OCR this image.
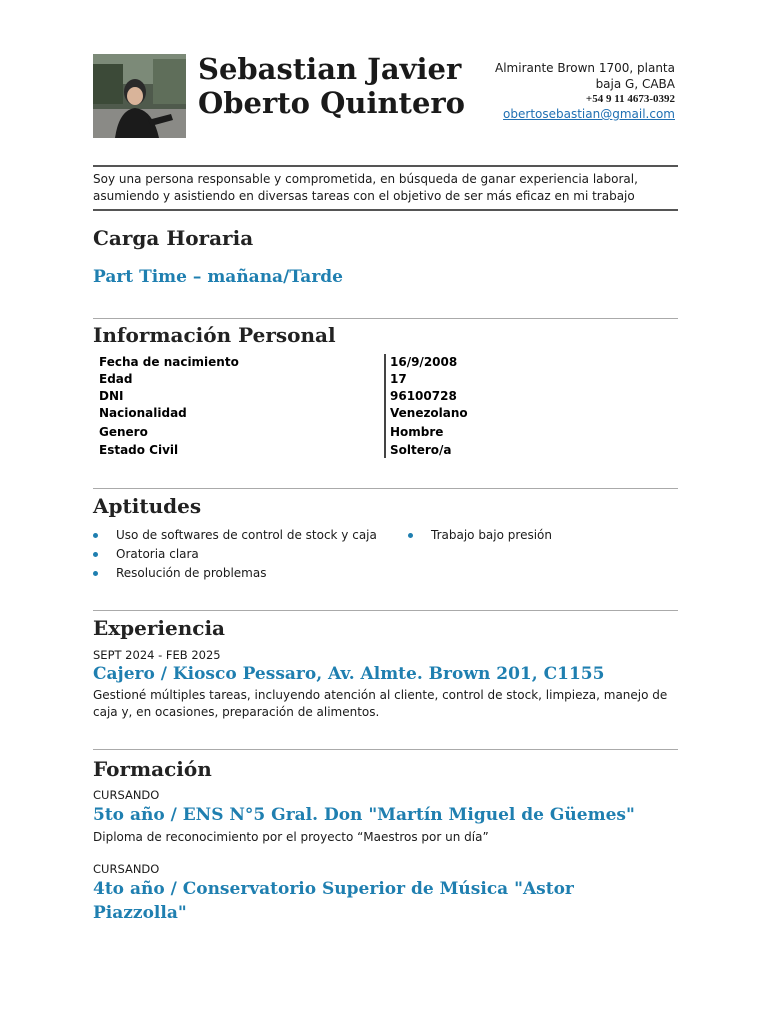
Sebastian Javier
Oberto Quintero
Almirante Brown 1700, planta
baja G, CABA
+54 9 11 4673-0392
obertosebastian@gmail.com
Soy una persona responsable y comprometida, en búsqueda de ganar experiencia laboral, asumiendo y asistiendo en diversas tareas con el objetivo de ser más eficaz en mi trabajo
Carga Horaria
Part Time – mañana/Tarde
Información Personal
Fecha de nacimiento	16/9/2008
Edad	17
DNI	96100728
Nacionalidad	Venezolano
Genero	Hombre
Estado Civil	Soltero/a
Aptitudes
Uso de softwares de control de stock y caja
Oratoria clara
Resolución de problemas
Trabajo bajo presión
Experiencia
SEPT 2024 - FEB 2025
Cajero / Kiosco Pessaro, Av. Almte. Brown 201, C1155
Gestioné múltiples tareas, incluyendo atención al cliente, control de stock, limpieza, manejo de caja y, en ocasiones, preparación de alimentos.
Formación
CURSANDO
5to año / ENS N°5 Gral. Don "Martín Miguel de Güemes"
Diploma de reconocimiento por el proyecto “Maestros por un día”
CURSANDO
4to año / Conservatorio Superior de Música "Astor Piazzolla"
